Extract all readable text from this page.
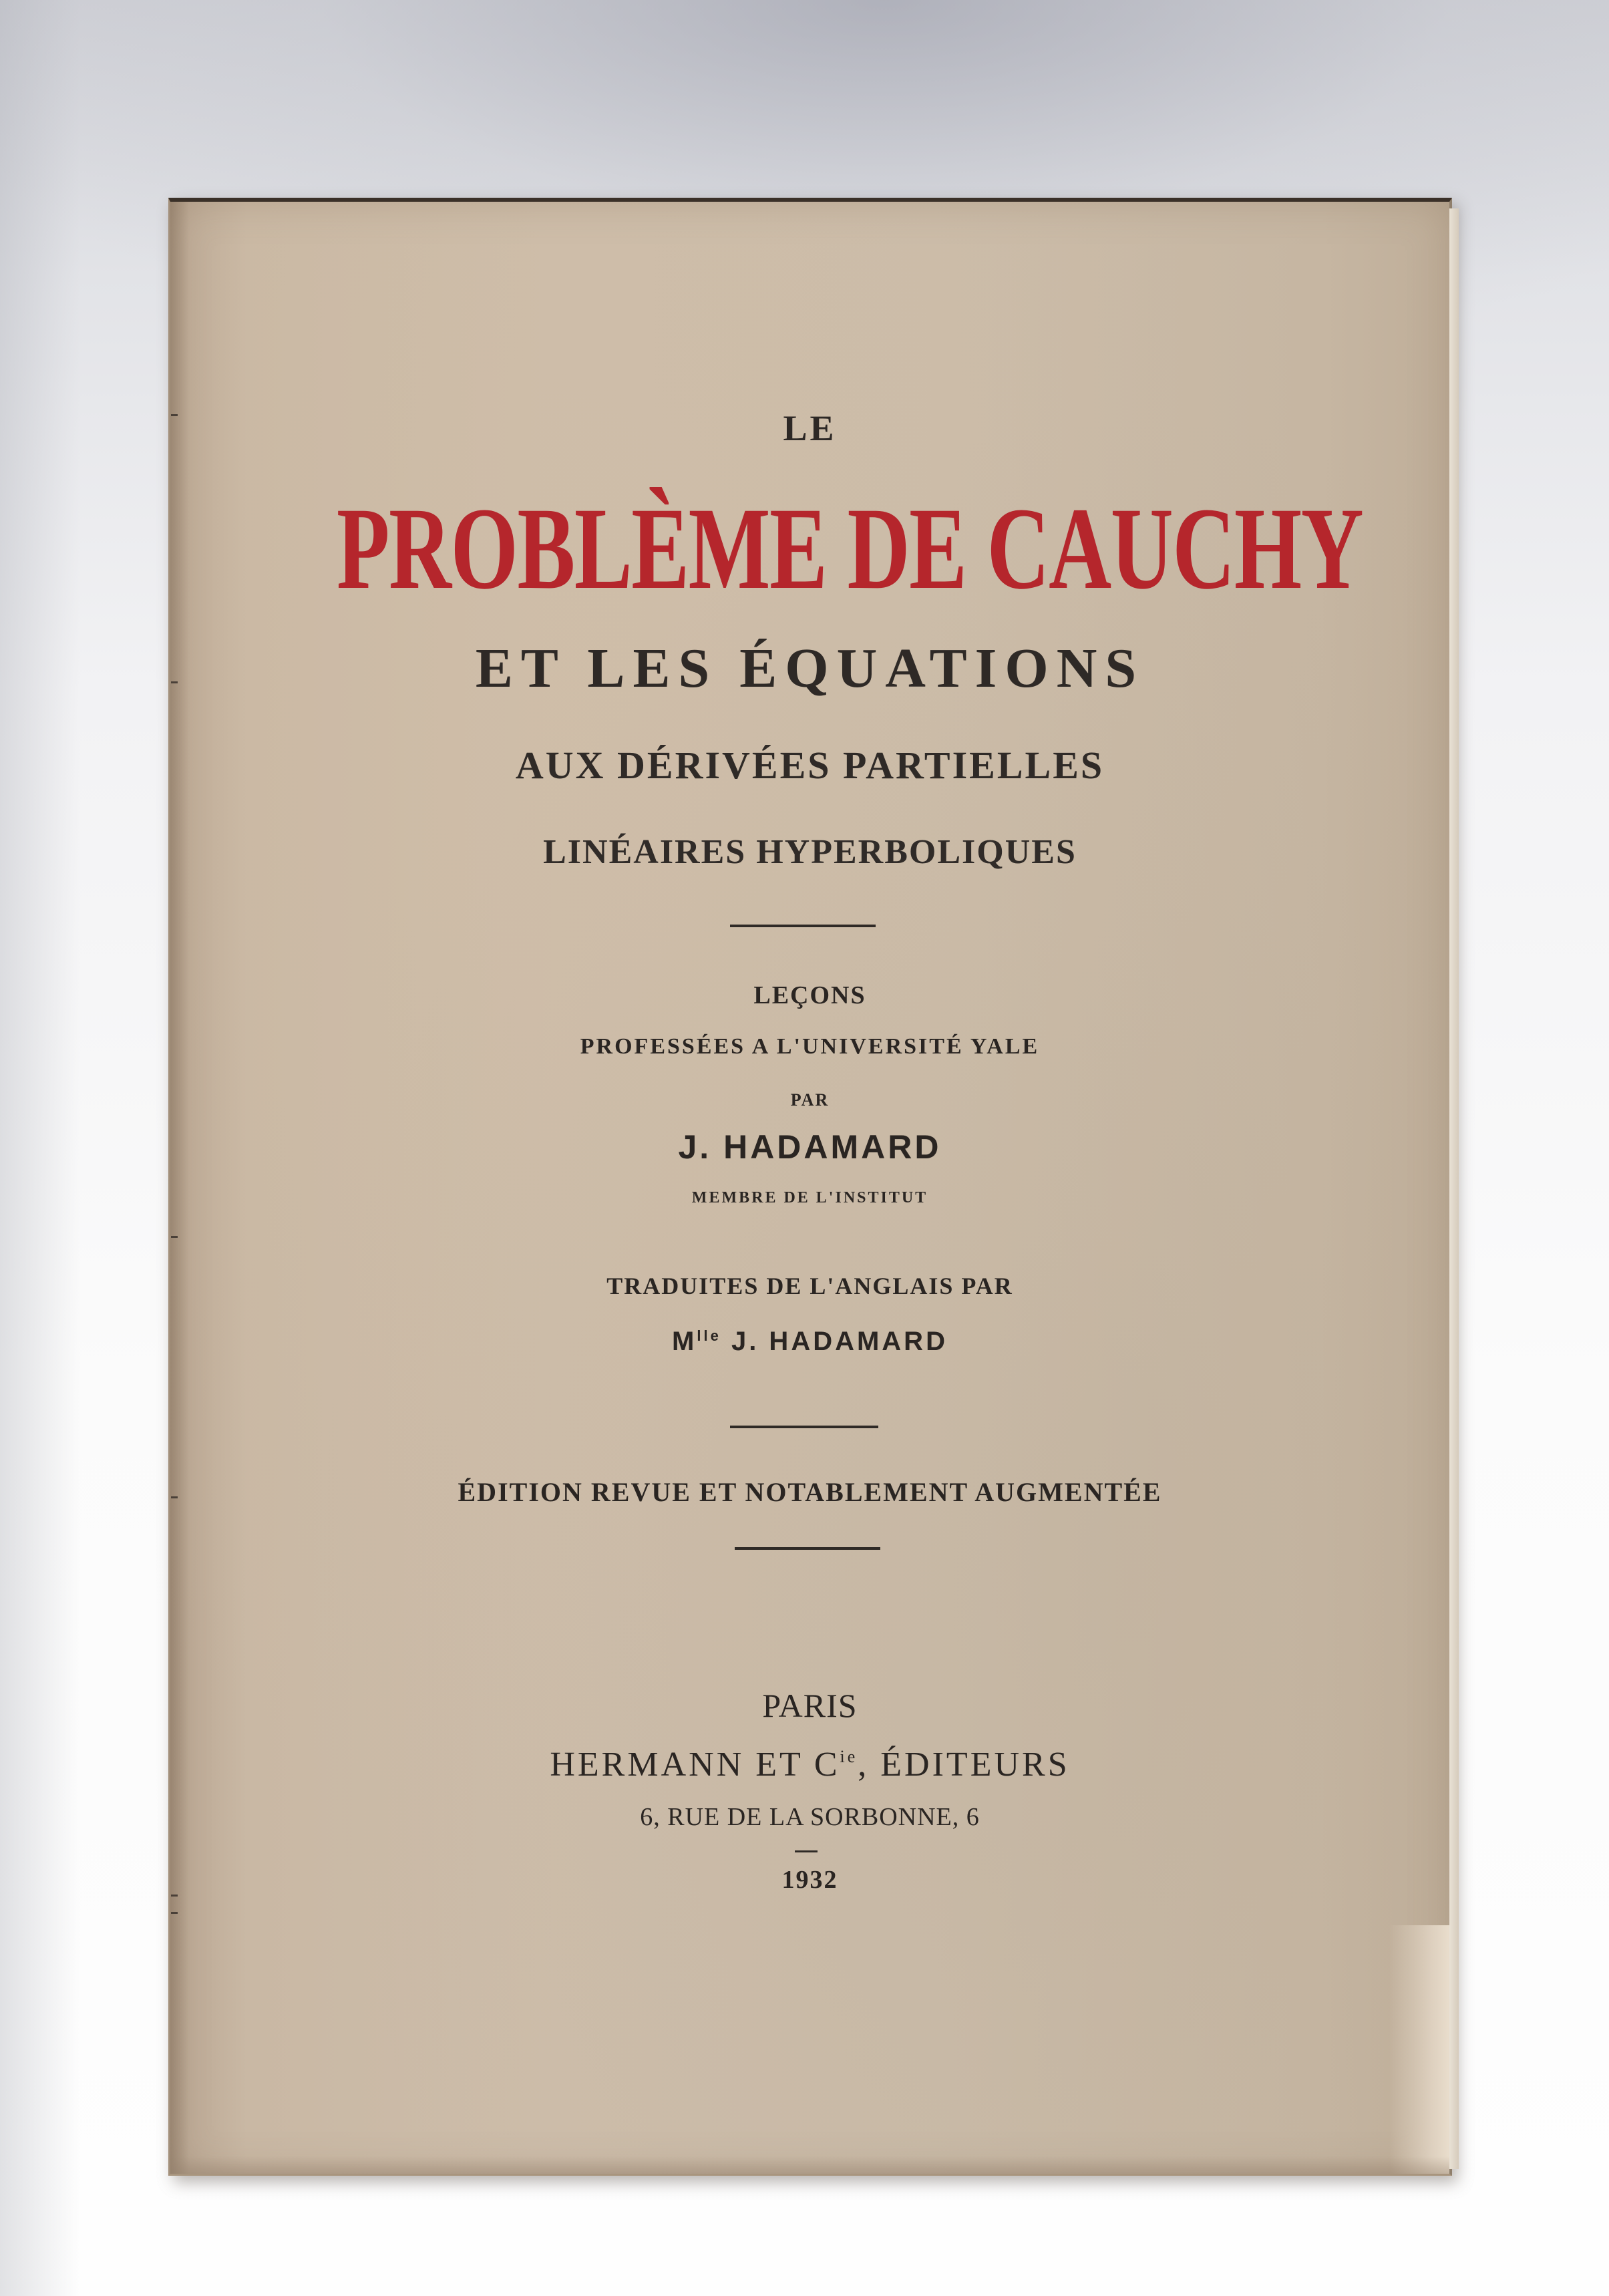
LE
PROBLÈME DE CAUCHY
ET LES ÉQUATIONS
AUX DÉRIVÉES PARTIELLES
LINÉAIRES HYPERBOLIQUES
LEÇONS
PROFESSÉES A L'UNIVERSITÉ YALE
PAR
J. HADAMARD
MEMBRE DE L'INSTITUT
TRADUITES DE L'ANGLAIS PAR
$M^{lle}$ J. HADAMARD
ÉDITION REVUE ET NOTABLEMENT AUGMENTÉE
PARIS
HERMANN ET $C^{ie}$, ÉDITEURS
6, RUE DE LA SORBONNE, 6
1932
